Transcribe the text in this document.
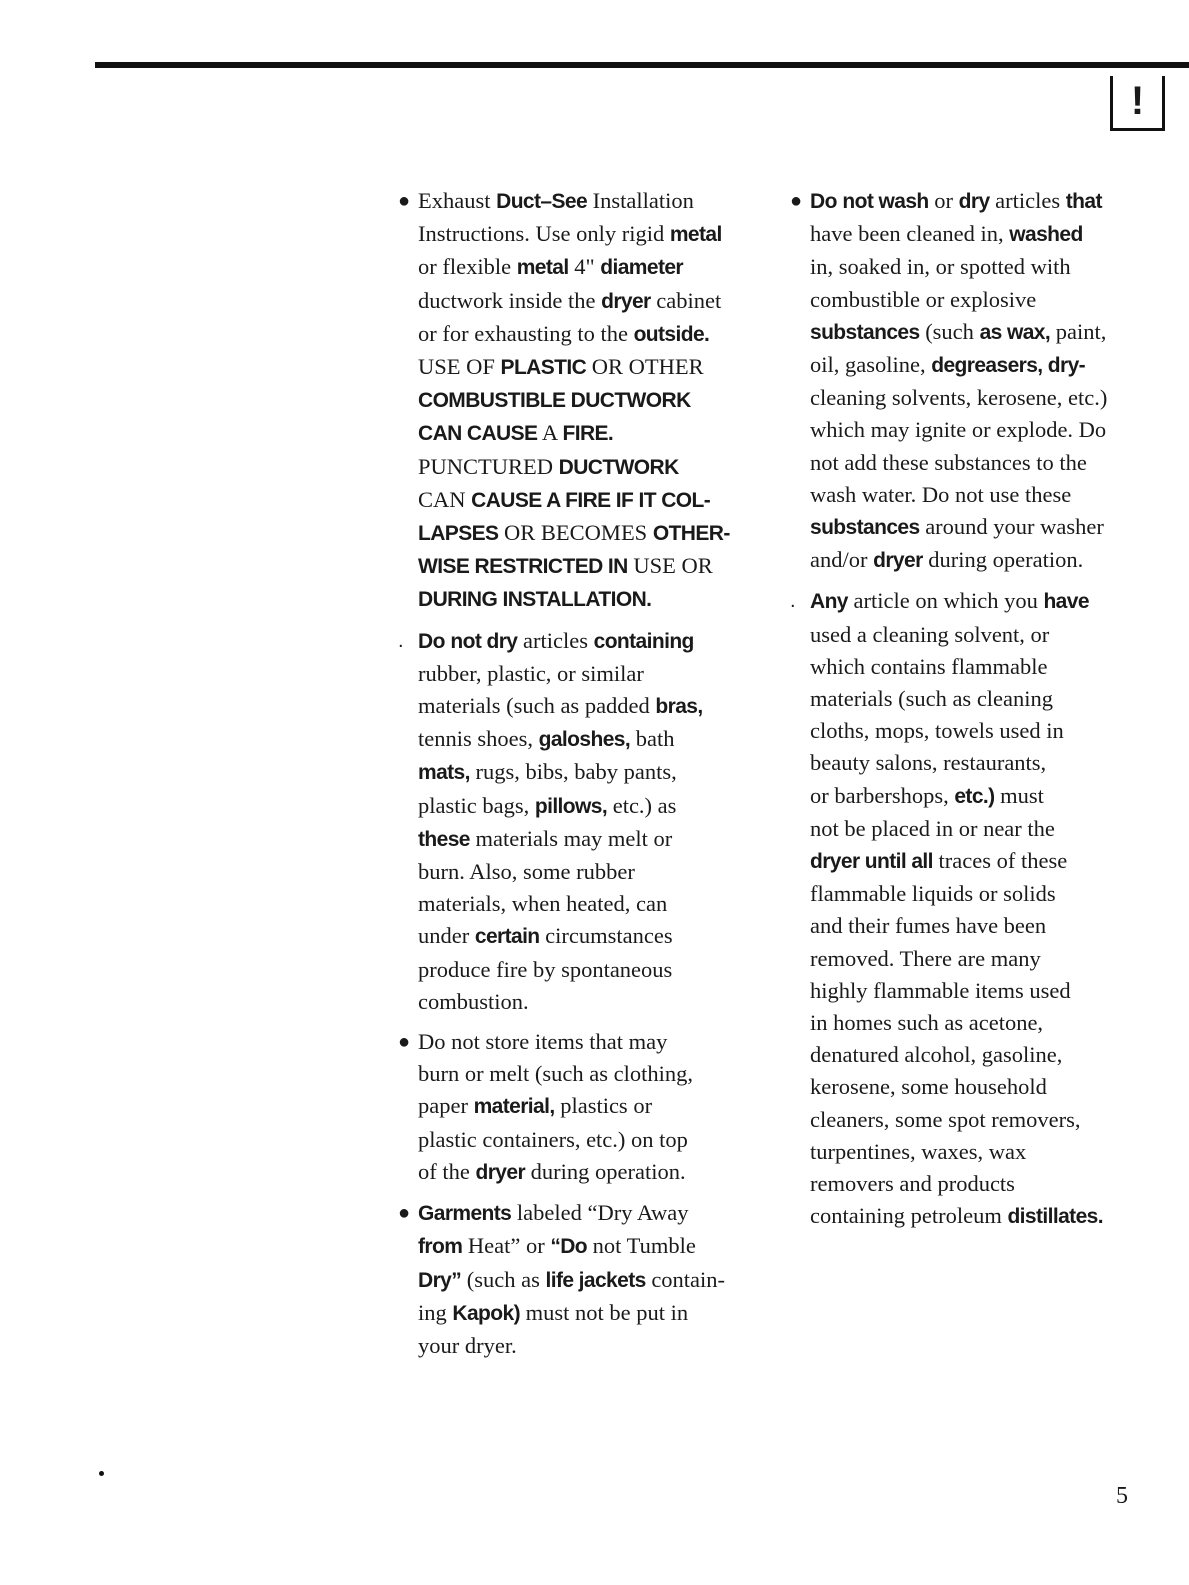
!
● Exhaust Duct–See Installation
Instructions. Use only rigid metal
or flexible metal 4" diameter
ductwork inside the dryer cabinet
or for exhausting to the outside.
USE OF PLASTIC OR OTHER
COMBUSTIBLE DUCTWORK
CAN CAUSE A FIRE.
PUNCTURED DUCTWORK
CAN CAUSE A FIRE IF IT COL-
LAPSES OR BECOMES OTHER-
WISE RESTRICTED IN USE OR
DURING INSTALLATION.
. Do not dry articles containing
rubber, plastic, or similar
materials (such as padded bras,
tennis shoes, galoshes, bath
mats, rugs, bibs, baby pants,
plastic bags, pillows, etc.) as
these materials may melt or
burn. Also, some rubber
materials, when heated, can
under certain circumstances
produce fire by spontaneous
combustion.
● Do not store items that may
burn or melt (such as clothing,
paper material, plastics or
plastic containers, etc.) on top
of the dryer during operation.
● Garments labeled “Dry Away
from Heat” or “Do not Tumble
Dry” (such as life jackets contain-
ing Kapok) must not be put in
your dryer.
● Do not wash or dry articles that
have been cleaned in, washed
in, soaked in, or spotted with
combustible or explosive
substances (such as wax, paint,
oil, gasoline, degreasers, dry-
cleaning solvents, kerosene, etc.)
which may ignite or explode. Do
not add these substances to the
wash water. Do not use these
substances around your washer
and/or dryer during operation.
. Any article on which you have
used a cleaning solvent, or
which contains flammable
materials (such as cleaning
cloths, mops, towels used in
beauty salons, restaurants,
or barbershops, etc.) must
not be placed in or near the
dryer until all traces of these
flammable liquids or solids
and their fumes have been
removed. There are many
highly flammable items used
in homes such as acetone,
denatured alcohol, gasoline,
kerosene, some household
cleaners, some spot removers,
turpentines, waxes, wax
removers and products
containing petroleum distillates.
5
